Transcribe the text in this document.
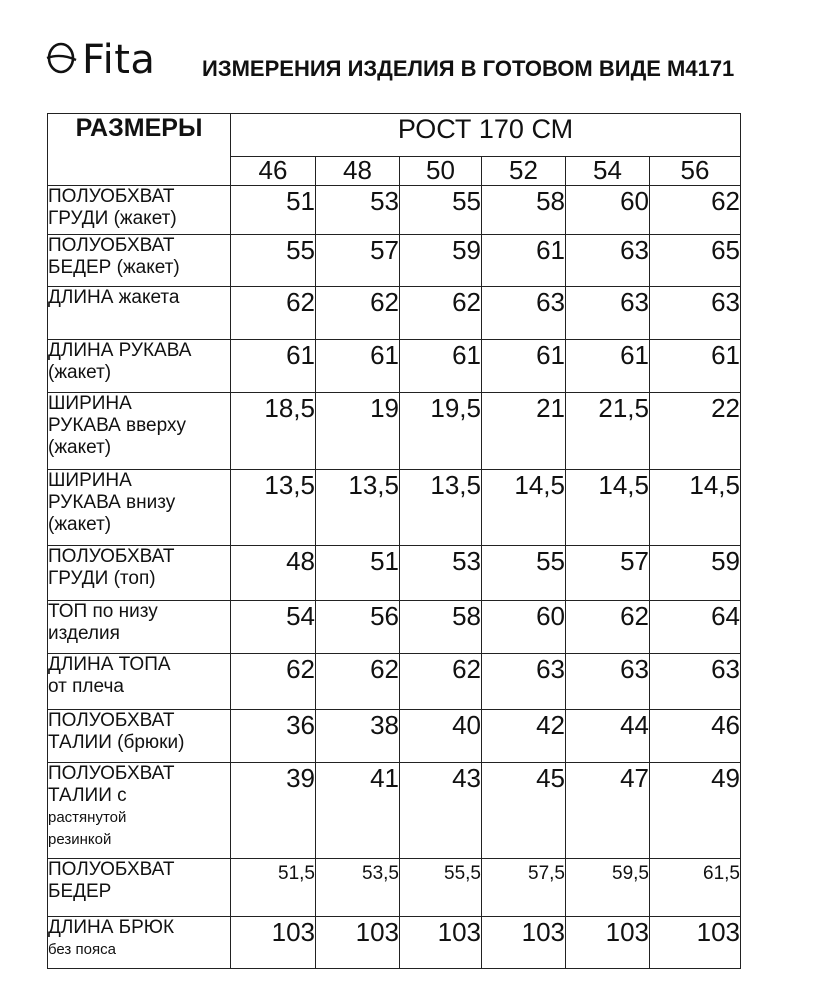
Fita ИЗМЕРЕНИЯ ИЗДЕЛИЯ В ГОТОВОМ ВИДЕ М4171
РАЗМЕРЫ	РОСТ 170 СМ					
	46	48	50	52	54	56

ПОЛУОБХВАТ
ГРУДИ (жакет)	51	53	55	58	60	62

ПОЛУОБХВАТ
БЕДЕР (жакет)	55	57	59	61	63	65

ДЛИНА жакета	62	62	62	63	63	63

ДЛИНА РУКАВА
(жакет)	61	61	61	61	61	61

ШИРИНА
РУКАВА вверху
(жакет)	18,5	19	19,5	21	21,5	22

ШИРИНА
РУКАВА внизу
(жакет)	13,5	13,5	13,5	14,5	14,5	14,5

ПОЛУОБХВАТ
ГРУДИ (топ)	48	51	53	55	57	59

ТОП по низу
изделия	54	56	58	60	62	64

ДЛИНА ТОПА
от плеча	62	62	62	63	63	63

ПОЛУОБХВАТ
ТАЛИИ (брюки)	36	38	40	42	44	46

ПОЛУОБХВАТ
ТАЛИИ с
растянутой
резинкой	39	41	43	45	47	49

ПОЛУОБХВАТ
БЕДЕР	51,5	53,5	55,5	57,5	59,5	61,5

ДЛИНА БРЮК
без пояса	103	103	103	103	103	103
